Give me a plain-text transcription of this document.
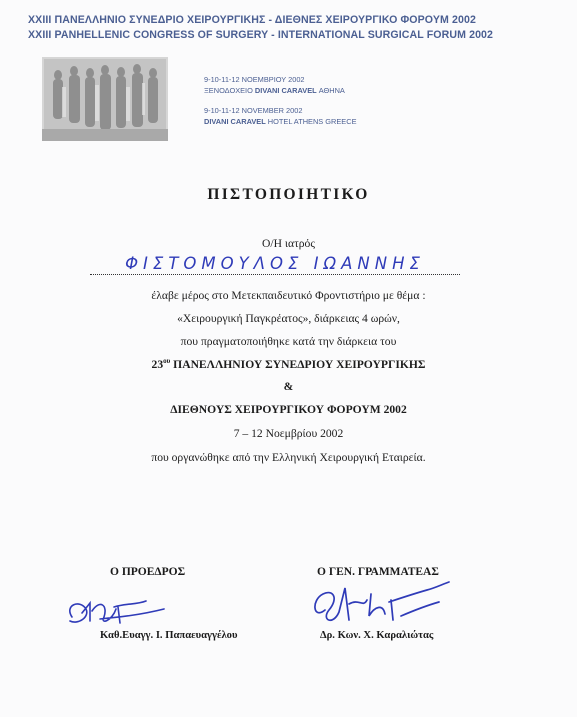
XXIII ΠΑΝΕΛΛΗΝΙΟ ΣΥΝΕΔΡΙΟ ΧΕΙΡΟΥΡΓΙΚΗΣ - ΔΙΕΘΝΕΣ ΧΕΙΡΟΥΡΓΙΚΟ ΦΟΡΟΥΜ 2002
XXIII PANHELLENIC CONGRESS OF SURGERY - INTERNATIONAL SURGICAL FORUM 2002
9-10-11-12 ΝΟΕΜΒΡΙΟΥ 2002
ΞΕΝΟΔΟΧΕΙΟ DIVANI CARAVEL ΑΘΗΝΑ
9-10-11-12 NOVEMBER 2002
DIVANI CARAVEL HOTEL ATHENS GREECE
ΠΙΣΤΟΠΟΙΗΤΙΚΟ
Ο/Η ιατρός
ΦΙΣΤΟΜΟΥΛΟΣ ΙΩΑΝΝΗΣ
έλαβε μέρος στο Μετεκπαιδευτικό Φροντιστήριο με θέμα :
«Χειρουργική Παγκρέατος», διάρκειας 4 ωρών,
που πραγματοποιήθηκε κατά την διάρκεια του
$23^{o\upsilon}$ ΠΑΝΕΛΛΗΝΙΟΥ ΣΥΝΕΔΡΙΟΥ ΧΕΙΡΟΥΡΓΙΚΗΣ
&
ΔΙΕΘΝΟΥΣ ΧΕΙΡΟΥΡΓΙΚΟΥ ΦΟΡΟΥΜ 2002
7 – 12 Νοεμβρίου 2002
που οργανώθηκε από την Ελληνική Χειρουργική Εταιρεία.
Ο ΠΡΟΕΔΡΟΣ	Ο ΓΕΝ. ΓΡΑΜΜΑΤΕΑΣ
Καθ.Ευαγγ. Ι. Παπαευαγγέλου	Δρ. Κων. Χ. Καραλιώτας
